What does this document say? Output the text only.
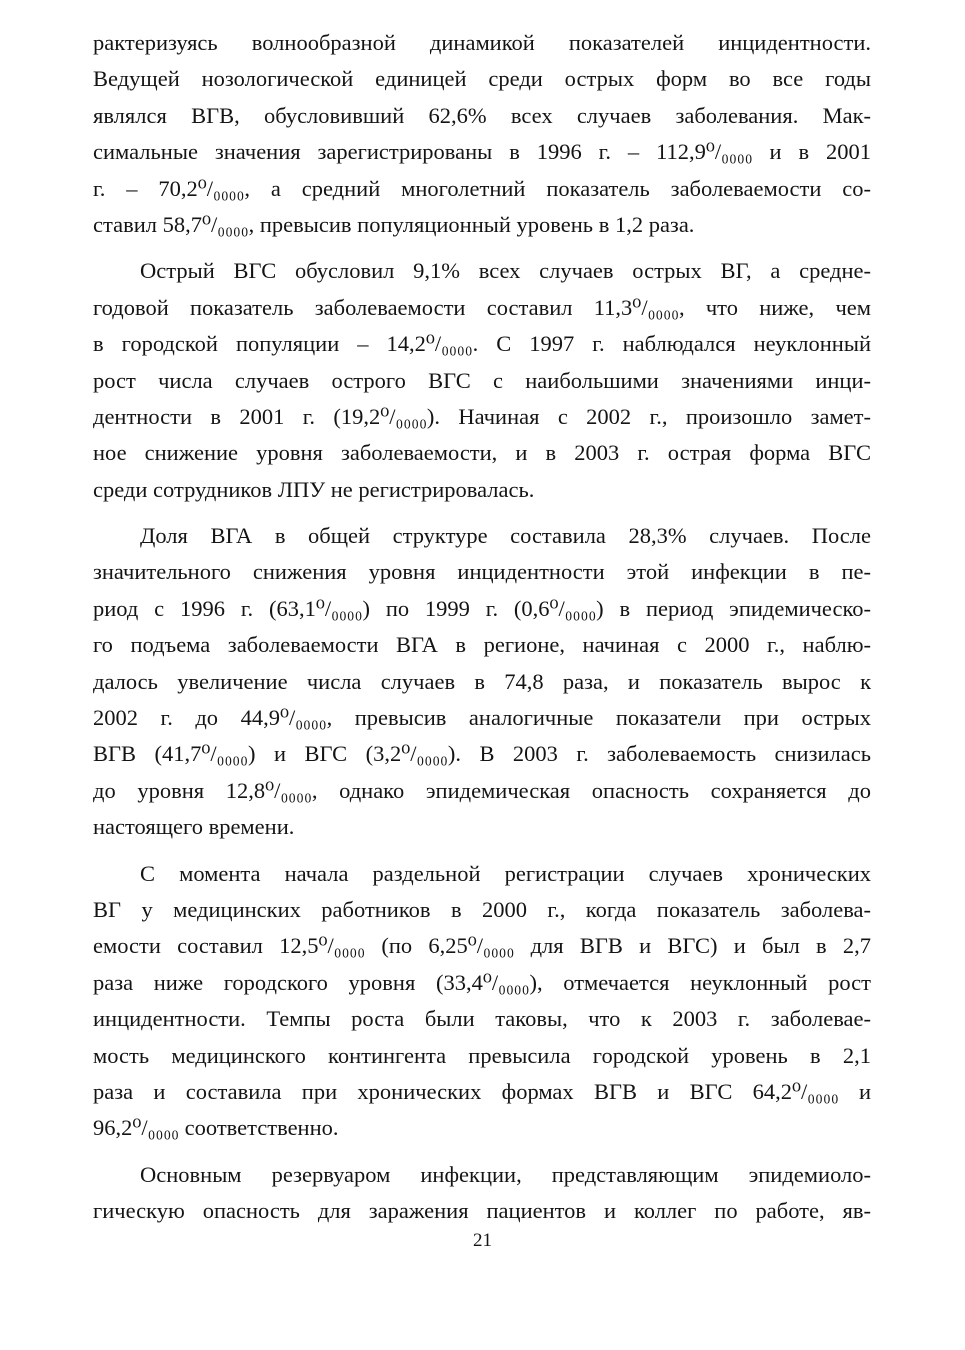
рактеризуясь волнообразной динамикой показателей инцидентности.
Ведущей нозологической единицей среди острых форм во все годы
являлся ВГВ, обусловивший 62,6% всех случаев заболевания. Мак-
симальные значения зарегистрированы в 1996 г. – 112,9⁰/₀₀₀₀ и в 2001
г. – 70,2⁰/₀₀₀₀, а средний многолетний показатель заболеваемости со-
ставил 58,7⁰/₀₀₀₀, превысив популяционный уровень в 1,2 раза.
Острый ВГС обусловил 9,1% всех случаев острых ВГ, а средне-
годовой показатель заболеваемости составил 11,3⁰/₀₀₀₀, что ниже, чем
в городской популяции – 14,2⁰/₀₀₀₀. С 1997 г. наблюдался неуклонный
рост числа случаев острого ВГС с наибольшими значениями инци-
дентности в 2001 г. (19,2⁰/₀₀₀₀). Начиная с 2002 г., произошло замет-
ное снижение уровня заболеваемости, и в 2003 г. острая форма ВГС
среди сотрудников ЛПУ не регистрировалась.
Доля ВГА в общей структуре составила 28,3% случаев. После
значительного снижения уровня инцидентности этой инфекции в пе-
риод с 1996 г. (63,1⁰/₀₀₀₀) по 1999 г. (0,6⁰/₀₀₀₀) в период эпидемическо-
го подъема заболеваемости ВГА в регионе, начиная с 2000 г., наблю-
далось увеличение числа случаев в 74,8 раза, и показатель вырос к
2002 г. до 44,9⁰/₀₀₀₀, превысив аналогичные показатели при острых
ВГВ (41,7⁰/₀₀₀₀) и ВГС (3,2⁰/₀₀₀₀). В 2003 г. заболеваемость снизилась
до уровня 12,8⁰/₀₀₀₀, однако эпидемическая опасность сохраняется до
настоящего времени.
С момента начала раздельной регистрации случаев хронических
ВГ у медицинских работников в 2000 г., когда показатель заболева-
емости составил 12,5⁰/₀₀₀₀ (по 6,25⁰/₀₀₀₀ для ВГВ и ВГС) и был в 2,7
раза ниже городского уровня (33,4⁰/₀₀₀₀), отмечается неуклонный рост
инцидентности. Темпы роста были таковы, что к 2003 г. заболевае-
мость медицинского контингента превысила городской уровень в 2,1
раза и составила при хронических формах ВГВ и ВГС 64,2⁰/₀₀₀₀ и
96,2⁰/₀₀₀₀ соответственно.
Основным резервуаром инфекции, представляющим эпидемиоло-
гическую опасность для заражения пациентов и коллег по работе, яв-
21
